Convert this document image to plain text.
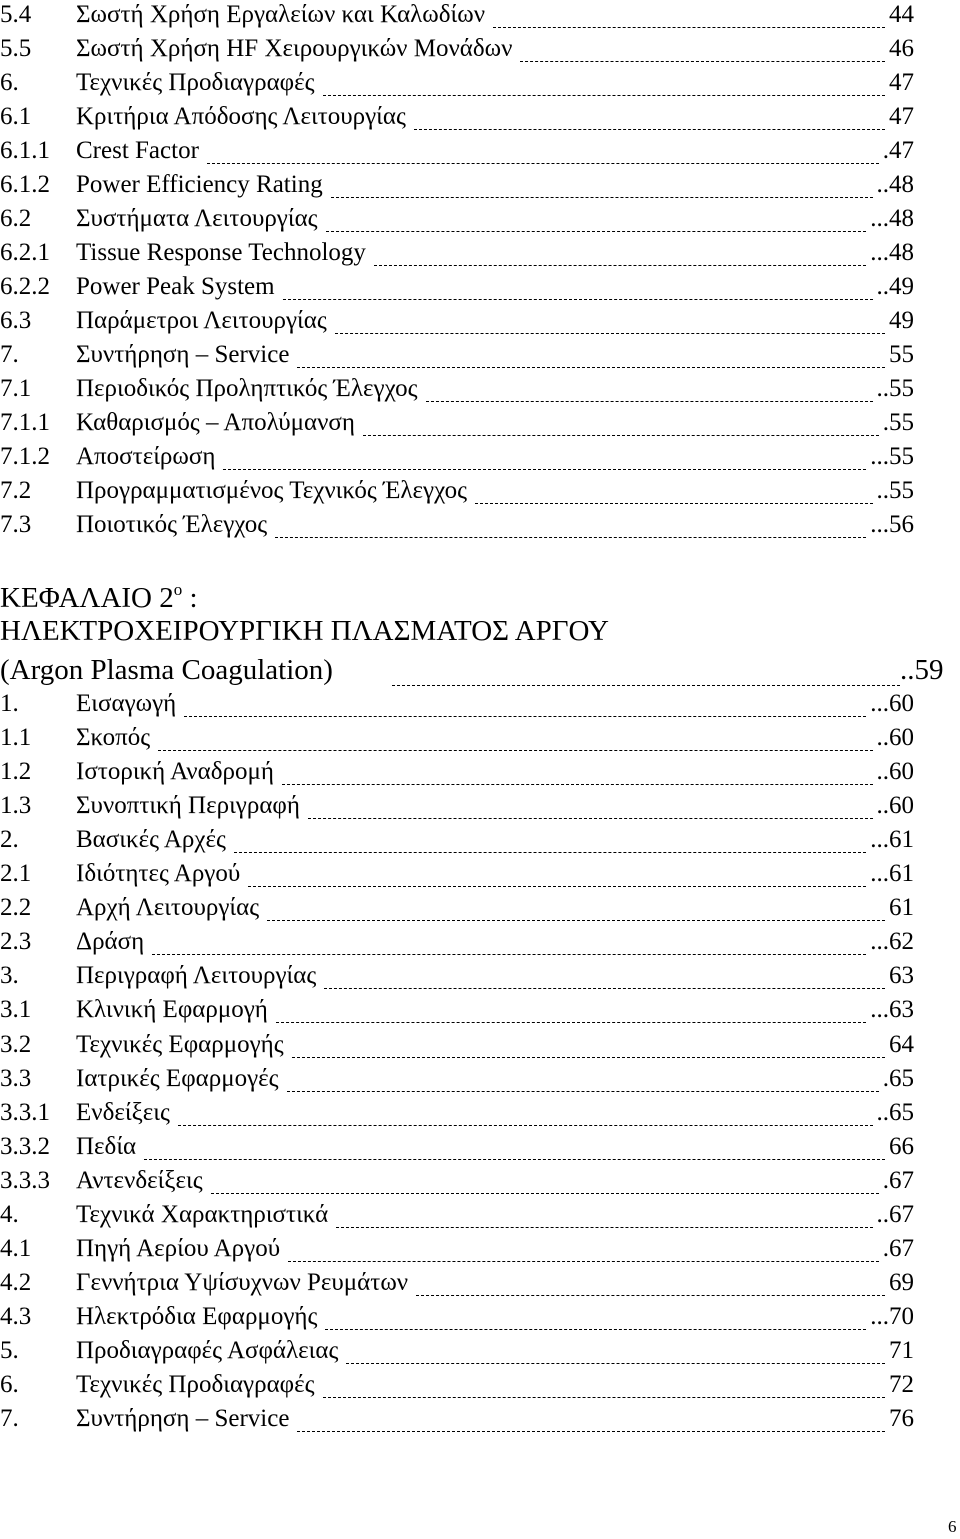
5.4 Σωστή Χρήση Εργαλείων και Καλωδίων	44
5.5 Σωστή Χρήση HF Χειρουργικών Μονάδων	46
6. Τεχνικές Προδιαγραφές	47
6.1 Κριτήρια Απόδοσης Λειτουργίας	47
6.1.1 Crest Factor	.47
6.1.2 Power Efficiency Rating	..48
6.2 Συστήματα Λειτουργίας	...48
6.2.1 Tissue Response Technology	...48
6.2.2 Power Peak System	..49
6.3 Παράμετροι Λειτουργίας	49
7. Συντήρηση – Service	55
7.1 Περιοδικός Προληπτικός Έλεγχος	..55
7.1.1 Καθαρισμός – Απολύμανση	.55
7.1.2 Αποστείρωση	...55
7.2 Προγραμματισμένος Τεχνικός Έλεγχος	..55
7.3 Ποιοτικός Έλεγχος	...56
1. Εισαγωγή	...60
1.1 Σκοπός	..60
1.2 Ιστορική Αναδρομή	..60
1.3 Συνοπτική Περιγραφή	..60
2. Βασικές Αρχές	...61
2.1 Ιδιότητες Αργού	...61
2.2 Αρχή Λειτουργίας	61
2.3 Δράση	...62
3. Περιγραφή Λειτουργίας	63
3.1 Κλινική Εφαρμογή	...63
3.2 Τεχνικές Εφαρμογής	64
3.3 Ιατρικές Εφαρμογές	.65
3.3.1 Ενδείξεις	..65
3.3.2 Πεδία	66
3.3.3 Αντενδείξεις	.67
4. Τεχνικά Χαρακτηριστικά	..67
4.1 Πηγή Αερίου Αργού	.67
4.2 Γεννήτρια Υψίσυχνων Ρευμάτων	69
4.3 Ηλεκτρόδια Εφαρμογής	...70
5. Προδιαγραφές Ασφάλειας	71
6. Τεχνικές Προδιαγραφές	72
7. Συντήρηση – Service	76
ΚΕΦΑΛΑΙΟ $2^o$ :
ΗΛΕΚΤΡΟΧΕΙΡΟΥΡΓΙΚΗ ΠΛΑΣΜΑΤΟΣ ΑΡΓΟΥ
(Argon Plasma Coagulation)	..59
6
